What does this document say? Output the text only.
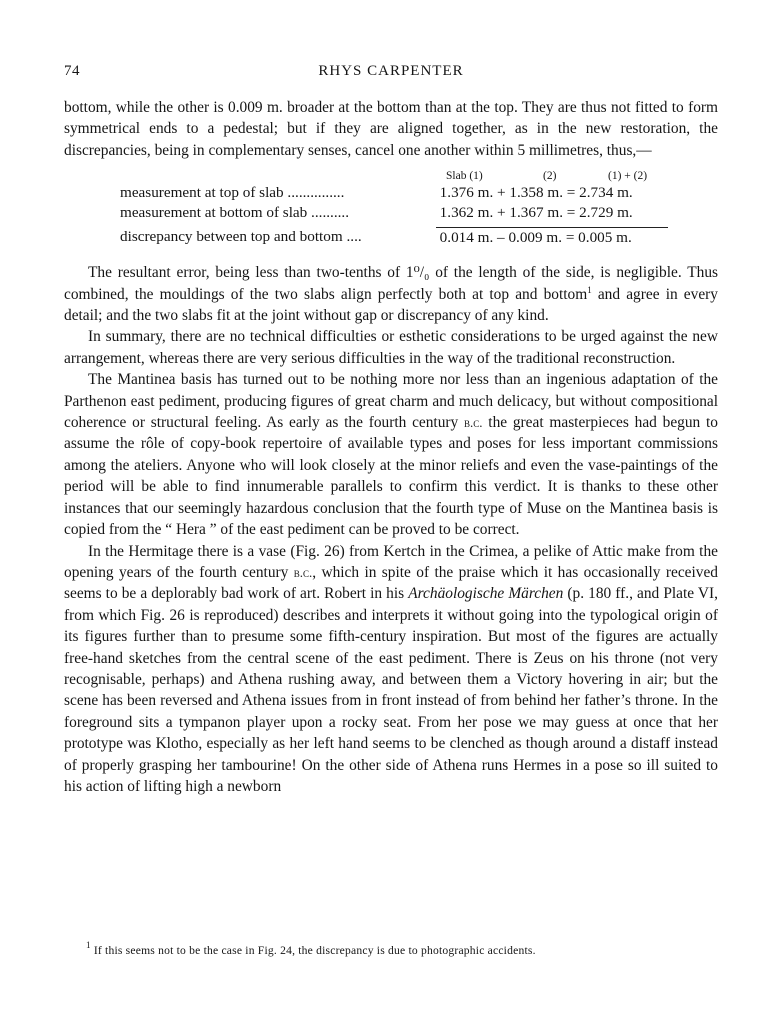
74	RHYS CARPENTER

bottom, while the other is 0.009 m. broader at the bottom than at the top. They are thus not fitted to form symmetrical ends to a pedestal; but if they are aligned together, as in the new restoration, the discrepancies, being in complementary senses, cancel one another within 5 millimetres, thus,—

Slab (1)	(2)	(1) + (2)
measurement at top of slab ...............	1.376 m. + 1.358 m. = 2.734 m.
measurement at bottom of slab ..........	1.362 m. + 1.367 m. = 2.729 m.
discrepancy between top and bottom ....	0.014 m. – 0.009 m. = 0.005 m.

The resultant error, being less than two-tenths of 1⁰/₀ of the length of the side, is negligible. Thus combined, the mouldings of the two slabs align perfectly both at top and bottom$^1$ and agree in every detail; and the two slabs fit at the joint without gap or discrepancy of any kind.

In summary, there are no technical difficulties or esthetic considerations to be urged against the new arrangement, whereas there are very serious difficulties in the way of the traditional reconstruction.

The Mantinea basis has turned out to be nothing more nor less than an ingenious adaptation of the Parthenon east pediment, producing figures of great charm and much delicacy, but without compositional coherence or structural feeling. As early as the fourth century b.c. the great masterpieces had begun to assume the rôle of copy-book repertoire of available types and poses for less important commissions among the ateliers. Anyone who will look closely at the minor reliefs and even the vase-paintings of the period will be able to find innumerable parallels to confirm this verdict. It is thanks to these other instances that our seemingly hazardous conclusion that the fourth type of Muse on the Mantinea basis is copied from the “ Hera ” of the east pediment can be proved to be correct.

In the Hermitage there is a vase (Fig. 26) from Kertch in the Crimea, a pelike of Attic make from the opening years of the fourth century b.c., which in spite of the praise which it has occasionally received seems to be a deplorably bad work of art. Robert in his Archäologische Märchen (p. 180 ff., and Plate VI, from which Fig. 26 is reproduced) describes and interprets it without going into the typological origin of its figures further than to presume some fifth-century inspiration. But most of the figures are actually free-hand sketches from the central scene of the east pediment. There is Zeus on his throne (not very recognisable, perhaps) and Athena rushing away, and between them a Victory hovering in air; but the scene has been reversed and Athena issues from in front instead of from behind her father’s throne. In the foreground sits a tympanon player upon a rocky seat. From her pose we may guess at once that her prototype was Klotho, especially as her left hand seems to be clenched as though around a distaff instead of properly grasping her tambourine! On the other side of Athena runs Hermes in a pose so ill suited to his action of lifting high a newborn

$^1$ If this seems not to be the case in Fig. 24, the discrepancy is due to photographic accidents.
